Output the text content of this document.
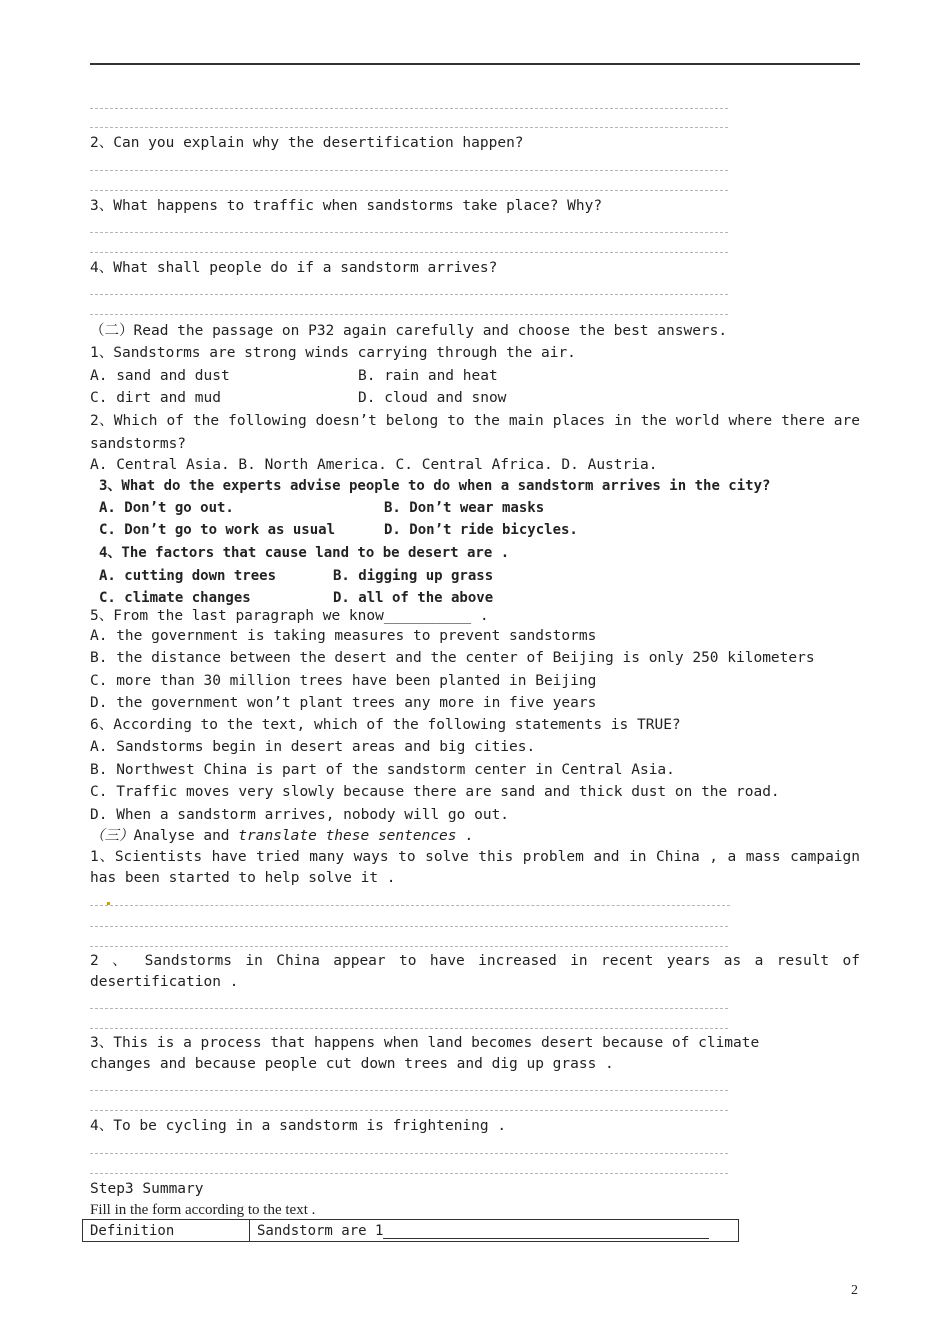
2、Can you explain why the desertification happen?
3、What happens to traffic when sandstorms take place? Why?
4、What shall people do if a sandstorm arrives?
（二）Read the passage on P32 again carefully and choose the best answers.
1、Sandstorms are strong winds carrying through the air.
A. sand and dust	B. rain and heat
C. dirt and mud	D. cloud and snow
2、Which of the following doesn’t belong to the main places in the world where there are sandstorms?
A. Central Asia. B. North America. C. Central Africa. D. Austria.
3、What do the experts advise people to do when a sandstorm arrives in the city?
A. Don’t go out.	B. Don’t wear masks
C. Don’t go to work as usual	D. Don’t ride bicycles.
4、The factors that cause land to be desert are .
A. cutting down trees	B. digging up grass
C. climate changes	D. all of the above
5、From the last paragraph we know__________ .
A. the government is taking measures to prevent sandstorms
B. the distance between the desert and the center of Beijing is only 250 kilometers
C. more than 30 million trees have been planted in Beijing
D. the government won’t plant trees any more in five years
6、According to the text, which of the following statements is TRUE?
A. Sandstorms begin in desert areas and big cities.
B. Northwest China is part of the sandstorm center in Central Asia.
C. Traffic moves very slowly because there are sand and thick dust on the road.
D. When a sandstorm arrives, nobody will go out.
（三）Analyse and translate these sentences .
1、Scientists have tried many ways to solve this problem and in China , a mass campaign has been started to help solve it .
2 、 Sandstorms in China appear to have increased in recent years as a result of desertification .
3、This is a process that happens when land becomes desert because of climate
changes and because people cut down trees and dig up grass .
4、To be cycling in a sandstorm is frightening .
Step3 Summary
Fill in the form according to the text .
Definition	Sandstorm are 1
2
